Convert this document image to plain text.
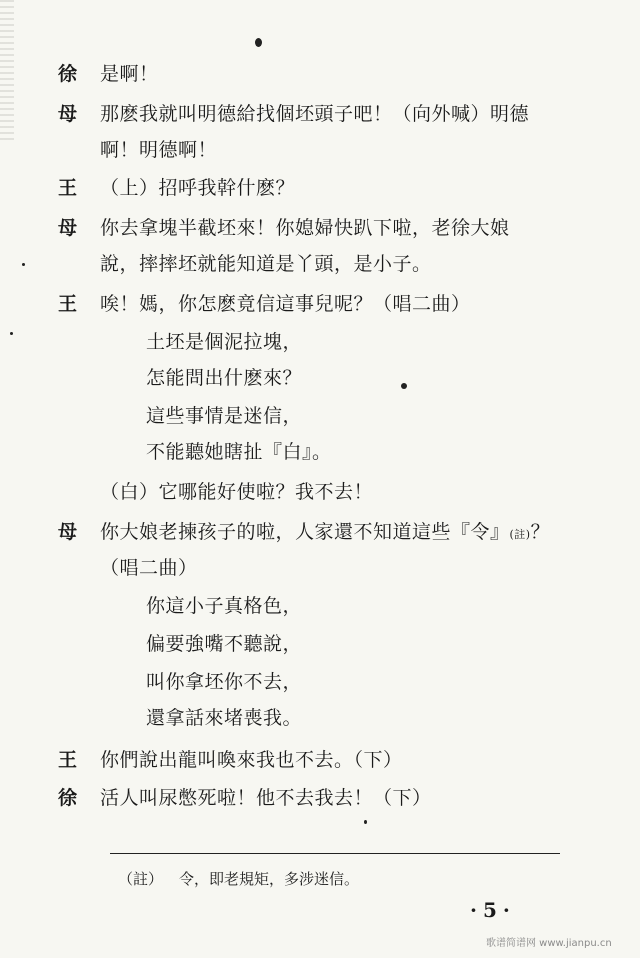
徐 是啊！
母 那麽我就叫明德給找個坯頭子吧！（向外喊）明德
啊！明德啊！
王 （上）招呼我幹什麽？
母 你去拿塊半截坯來！你媳婦快趴下啦，老徐大娘
說，摔摔坯就能知道是丫頭，是小子。
王 唉！媽，你怎麽竟信這事兒呢？（唱二曲）
土坯是個泥拉塊，
怎能問出什麽來？
這些事情是迷信，
不能聽她瞎扯『白』。
（白）它哪能好使啦？我不去！
母 你大娘老揀孩子的啦，人家還不知道這些『令』(註)？
（唱二曲）
你這小子真格色，
偏要強嘴不聽說，
叫你拿坯你不去，
還拿話來堵喪我。
王 你們說出龍叫喚來我也不去。（下）
徐 活人叫尿憋死啦！他不去我去！（下）
（註） 令，即老規矩，多涉迷信。
·5·
歌谱简谱网 www.jianpu.cn
